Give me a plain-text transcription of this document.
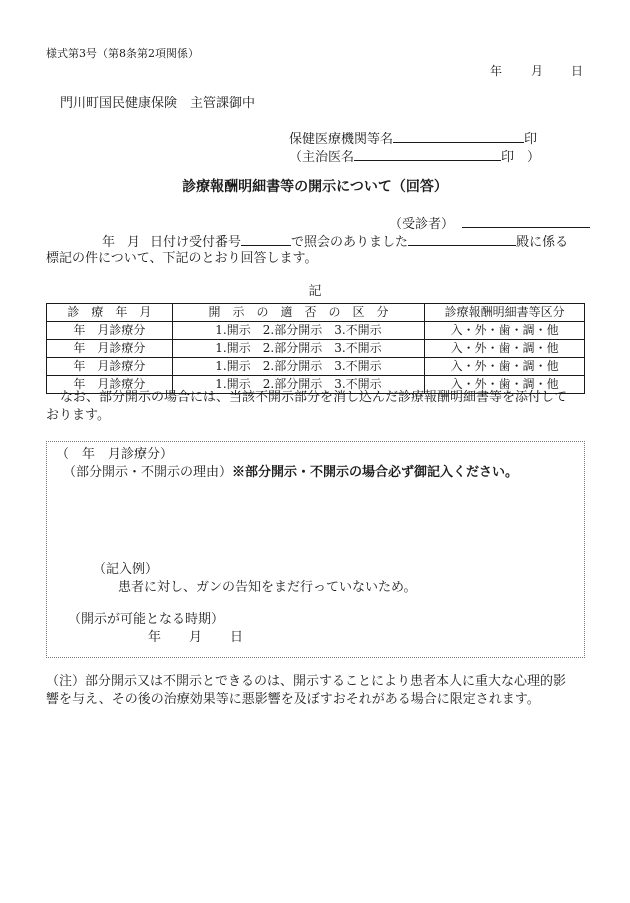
様式第3号（第8条第2項関係）
年 月 日
門川町国民健康保険　主管課御中
保健医療機関等名	印
（主治医名	印　）
診療報酬明細書等の開示について（回答）
（受診者）
年 月 日付け受付番号	で照会のありました	殿に係る
標記の件について、下記のとおり回答します。
記
診　療　年　月	開　示　の　適　否　の　区　分	診療報酬明細書等区分
年　月診療分	1.開示　2.部分開示　3.不開示	入・外・歯・調・他
年　月診療分	1.開示　2.部分開示　3.不開示	入・外・歯・調・他
年　月診療分	1.開示　2.部分開示　3.不開示	入・外・歯・調・他
年　月診療分	1.開示　2.部分開示　3.不開示	入・外・歯・調・他
なお、部分開示の場合には、当該不開示部分を消し込んだ診療報酬明細書等を添付して
おります。
（　年　月診療分）
（部分開示・不開示の理由）※部分開示・不開示の場合必ず御記入ください。
（記入例）
患者に対し、ガンの告知をまだ行っていないため。
（開示が可能となる時期）
年 月 日
（注）部分開示又は不開示とできるのは、開示することにより患者本人に重大な心理的影
響を与え、その後の治療効果等に悪影響を及ぼすおそれがある場合に限定されます。
